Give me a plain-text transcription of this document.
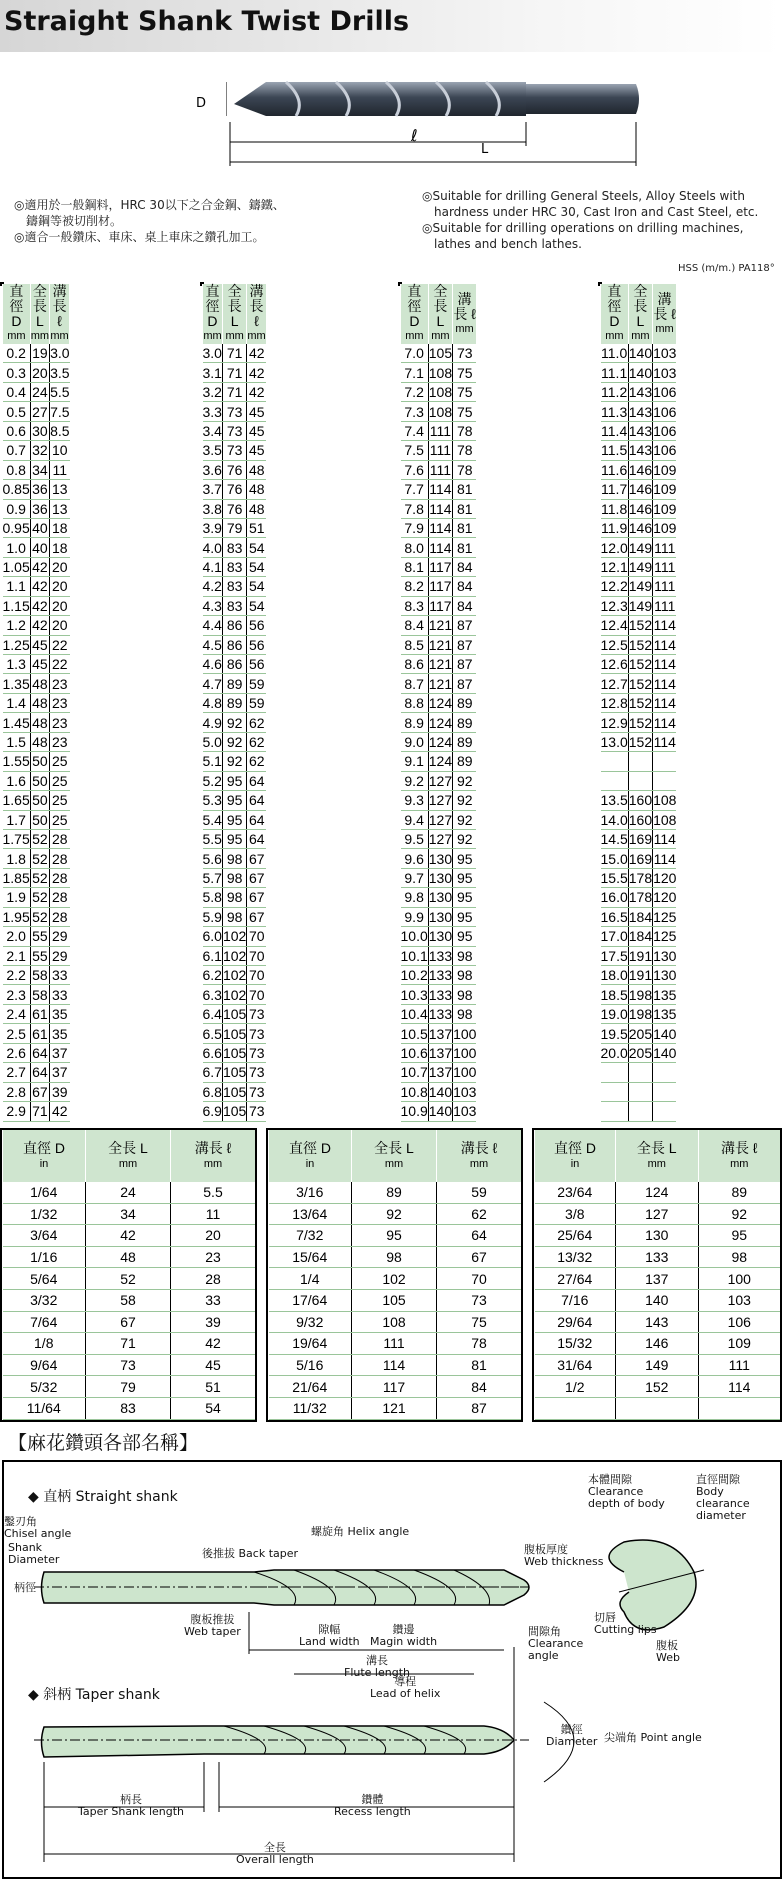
Straight Shank Twist Drills
D
ℓ
L
◎適用於一般鋼料，HRC 30以下之合金鋼、鑄鐵、
鑄鋼等被切削材。
◎適合一般鑽床、車床、桌上車床之鑽孔加工。
◎Suitable for drilling General Steels, Alloy Steels with
hardness under HRC 30, Cast Iron and Cast Steel, etc.
◎Suitable for drilling operations on drilling machines,
lathes and bench lathes.
HSS (m/m.) PA118°
直徑 D
mm	全長 L
mm	溝長 ℓ
mm

0.2	19	3.0
0.3	20	3.5
0.4	24	5.5
0.5	27	7.5
0.6	30	8.5
0.7	32	10
0.8	34	11
0.85	36	13
0.9	36	13
0.95	40	18
1.0	40	18
1.05	42	20
1.1	42	20
1.15	42	20
1.2	42	20
1.25	45	22
1.3	45	22
1.35	48	23
1.4	48	23
1.45	48	23
1.5	48	23
1.55	50	25
1.6	50	25
1.65	50	25
1.7	50	25
1.75	52	28
1.8	52	28
1.85	52	28
1.9	52	28
1.95	52	28
2.0	55	29
2.1	55	29
2.2	58	33
2.3	58	33
2.4	61	35
2.5	61	35
2.6	64	37
2.7	64	37
2.8	67	39
2.9	71	42
直徑 D
mm	全長 L
mm	溝長 ℓ
mm

3.0	71	42
3.1	71	42
3.2	71	42
3.3	73	45
3.4	73	45
3.5	73	45
3.6	76	48
3.7	76	48
3.8	76	48
3.9	79	51
4.0	83	54
4.1	83	54
4.2	83	54
4.3	83	54
4.4	86	56
4.5	86	56
4.6	86	56
4.7	89	59
4.8	89	59
4.9	92	62
5.0	92	62
5.1	92	62
5.2	95	64
5.3	95	64
5.4	95	64
5.5	95	64
5.6	98	67
5.7	98	67
5.8	98	67
5.9	98	67
6.0	102	70
6.1	102	70
6.2	102	70
6.3	102	70
6.4	105	73
6.5	105	73
6.6	105	73
6.7	105	73
6.8	105	73
6.9	105	73
直徑 D
mm	全長 L
mm	溝長 ℓ
mm

7.0	105	73
7.1	108	75
7.2	108	75
7.3	108	75
7.4	111	78
7.5	111	78
7.6	111	78
7.7	114	81
7.8	114	81
7.9	114	81
8.0	114	81
8.1	117	84
8.2	117	84
8.3	117	84
8.4	121	87
8.5	121	87
8.6	121	87
8.7	121	87
8.8	124	89
8.9	124	89
9.0	124	89
9.1	124	89
9.2	127	92
9.3	127	92
9.4	127	92
9.5	127	92
9.6	130	95
9.7	130	95
9.8	130	95
9.9	130	95
10.0	130	95
10.1	133	98
10.2	133	98
10.3	133	98
10.4	133	98
10.5	137	100
10.6	137	100
10.7	137	100
10.8	140	103
10.9	140	103
直徑 D
mm	全長 L
mm	溝長 ℓ
mm

11.0	140	103
11.1	140	103
11.2	143	106
11.3	143	106
11.4	143	106
11.5	143	106
11.6	146	109
11.7	146	109
11.8	146	109
11.9	146	109
12.0	149	111
12.1	149	111
12.2	149	111
12.3	149	111
12.4	152	114
12.5	152	114
12.6	152	114
12.7	152	114
12.8	152	114
12.9	152	114
13.0	152	114

13.5	160	108
14.0	160	108
14.5	169	114
15.0	169	114
15.5	178	120
16.0	178	120
16.5	184	125
17.0	184	125
17.5	191	130
18.0	191	130
18.5	198	135
19.0	198	135
19.5	205	140
20.0	205	140

直徑 D
in	全長 L
mm	溝長 ℓ
mm

1/64	24	5.5
1/32	34	11
3/64	42	20
1/16	48	23
5/64	52	28
3/32	58	33
7/64	67	39
1/8	71	42
9/64	73	45
5/32	79	51
11/64	83	54
直徑 D
in	全長 L
mm	溝長 ℓ
mm

3/16	89	59
13/64	92	62
7/32	95	64
15/64	98	67
1/4	102	70
17/64	105	73
9/32	108	75
19/64	111	78
5/16	114	81
21/64	117	84
11/32	121	87
直徑 D
in	全長 L
mm	溝長 ℓ
mm

23/64	124	89
3/8	127	92
25/64	130	95
13/32	133	98
27/64	137	100
7/16	140	103
29/64	143	106
15/32	146	109
31/64	149	111
1/2	152	114

【麻花鑽頭各部名稱】
◆ 直柄 Straight shank
◆ 斜柄 Taper shank
Shank
Diameter
柄徑
後推拔 Back taper
螺旋角 Helix angle
腹板推拔
Web taper	隙幅
Land width
鑽邊
Magin width
腹板厚度
Web thickness
間隙角
Clearance
angle
本體間隙
Clearance
depth of body
鑿刃角
Chisel angle
直徑間隙
Body clearance
diameter
切唇
Cutting lips
腹板
Web
溝長
Flute length
導程
Lead of helix
鑽徑
Diameter 尖端角 Point angle
柄長
Taper Shank length
鑽體
Recess length
全長
Overall length
